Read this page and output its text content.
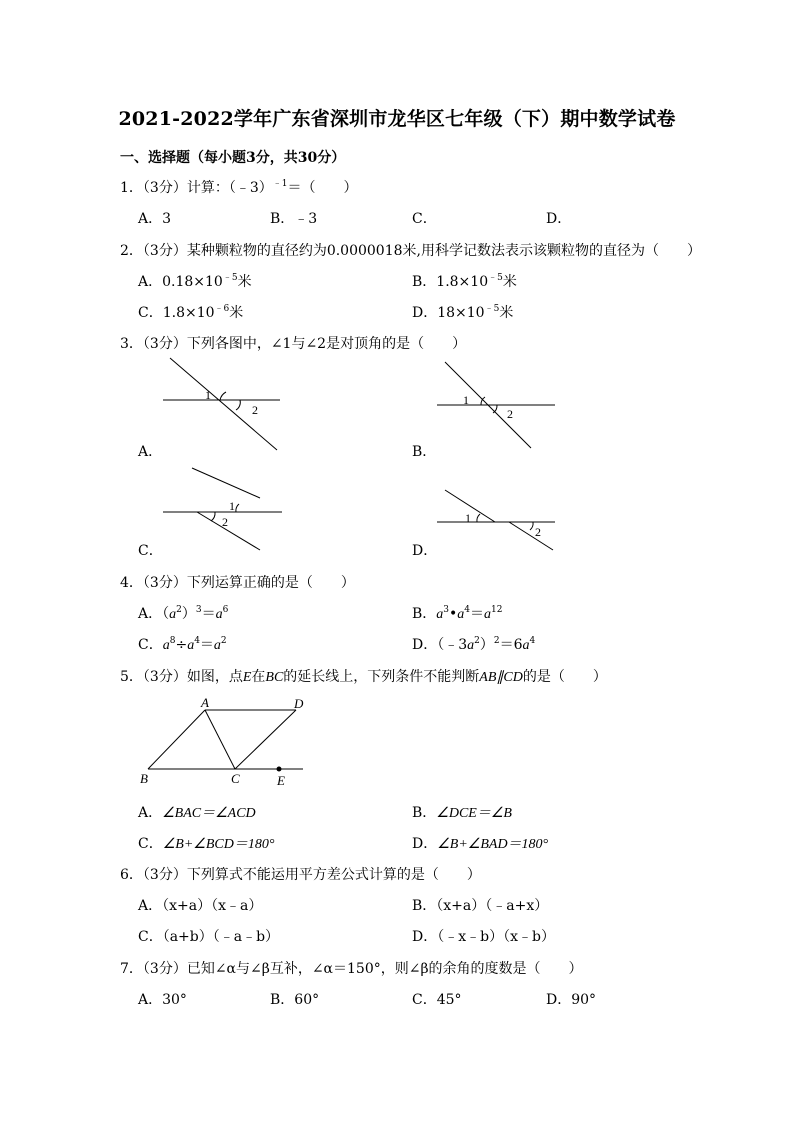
2021-2022学年广东省深圳市龙华区七年级（下）期中数学试卷
一、选择题（每小题3分，共30分）
1．（3分）计算：（﹣3）$^{﹣1}$＝（　　）
A．3	B．﹣3	C．	D．
2．（3分）某种颗粒物的直径约为0.0000018米,用科学记数法表示该颗粒物的直径为（　　）
A．$0.18\times 10^{﹣5}$米	B．$1.8\times 10^{﹣5}$米
C．$1.8\times 10^{﹣6}$米	D．$18\times 10^{﹣5}$米
3．（3分）下列各图中，∠1与∠2是对顶角的是（　　）
1
2
A．
1
2
B．
1
2
C．
1
2
D．
4．（3分）下列运算正确的是（　　）
A．$(a^2)^3=a^6$	B．$a^3•a^4=a^{12}$
C．$a^8\div a^4=a^2$	D．$(﹣3a^2)^2=6a^4$
5．（3分）如图，点E在BC的延长线上，下列条件不能判断AB∥CD的是（　　）
A
B	C
D
E
A．∠BAC＝∠ACD	B．∠DCE＝∠B
C．∠B+∠BCD＝180°	D．∠B+∠BAD＝180°
6．（3分）下列算式不能运用平方差公式计算的是（　　）
A．（x+a）（x﹣a）	B．（x+a）（﹣a+x）
C．（a+b）（﹣a﹣b）	D．（﹣x﹣b）（x﹣b）
7．（3分）已知∠α与∠β互补，∠α＝150°，则∠β的余角的度数是（　　）
A．30°	B．60°	C．45°	D．90°
